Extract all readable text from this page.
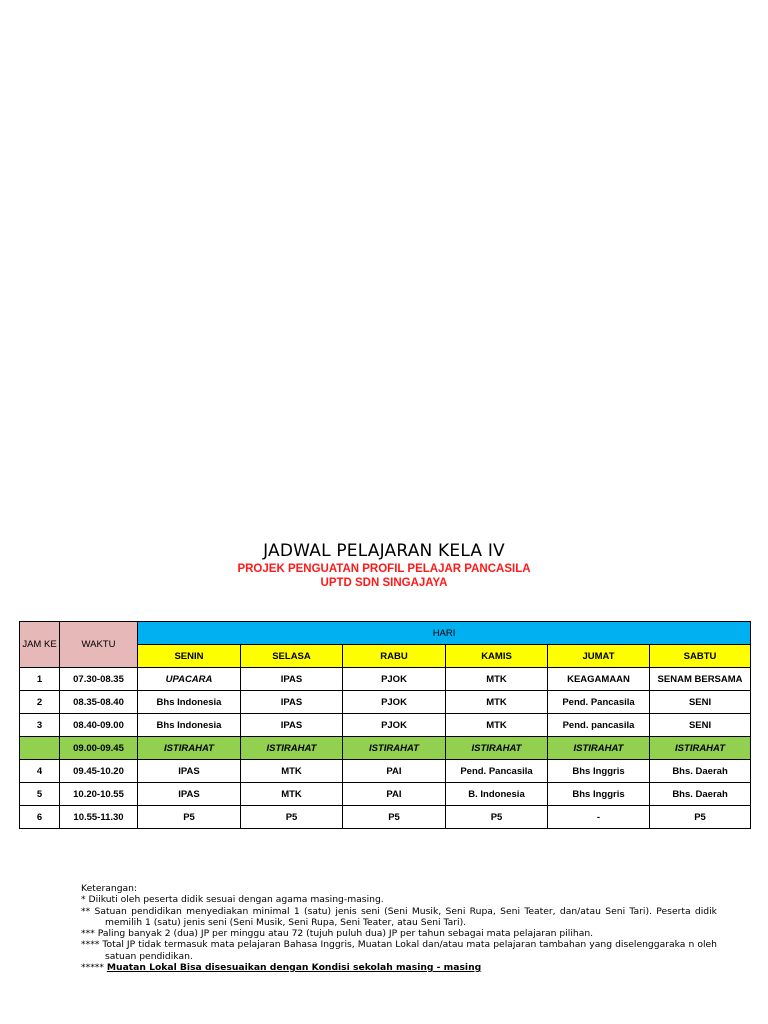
JADWAL PELAJARAN KELA IV
PROJEK PENGUATAN PROFIL PELAJAR PANCASILA
UPTD SDN SINGAJAYA
JAM KE	WAKTU	HARI					
		SENIN	SELASA	RABU	KAMIS	JUMAT	SABTU
1	07.30-08.35	UPACARA	IPAS	PJOK	MTK	KEAGAMAAN	SENAM BERSAMA
2	08.35-08.40	Bhs Indonesia	IPAS	PJOK	MTK	Pend. Pancasila	SENI
3	08.40-09.00	Bhs Indonesia	IPAS	PJOK	MTK	Pend. pancasila	SENI
	09.00-09.45	ISTIRAHAT	ISTIRAHAT	ISTIRAHAT	ISTIRAHAT	ISTIRAHAT	ISTIRAHAT
4	09.45-10.20	IPAS	MTK	PAI	Pend. Pancasila	Bhs Inggris	Bhs. Daerah
5	10.20-10.55	IPAS	MTK	PAI	B. Indonesia	Bhs Inggris	Bhs. Daerah
6	10.55-11.30	P5	P5	P5	P5	-	P5

Keterangan:

* Diikuti oleh peserta didik sesuai dengan agama masing-masing.

** Satuan pendidikan menyediakan minimal 1 (satu) jenis seni (Seni Musik, Seni Rupa, Seni Teater, dan/atau Seni Tari). Peserta didik memilih 1 (satu) jenis seni (Seni Musik, Seni Rupa, Seni Teater, atau Seni Tari).

*** Paling banyak 2 (dua) JP per minggu atau 72 (tujuh puluh dua) JP per tahun sebagai mata pelajaran pilihan.

**** Total JP tidak termasuk mata pelajaran Bahasa Inggris, Muatan Lokal dan/atau mata pelajaran tambahan yang diselenggaraka n oleh satuan pendidikan.

***** Muatan Lokal Bisa disesuaikan dengan Kondisi sekolah masing - masing
